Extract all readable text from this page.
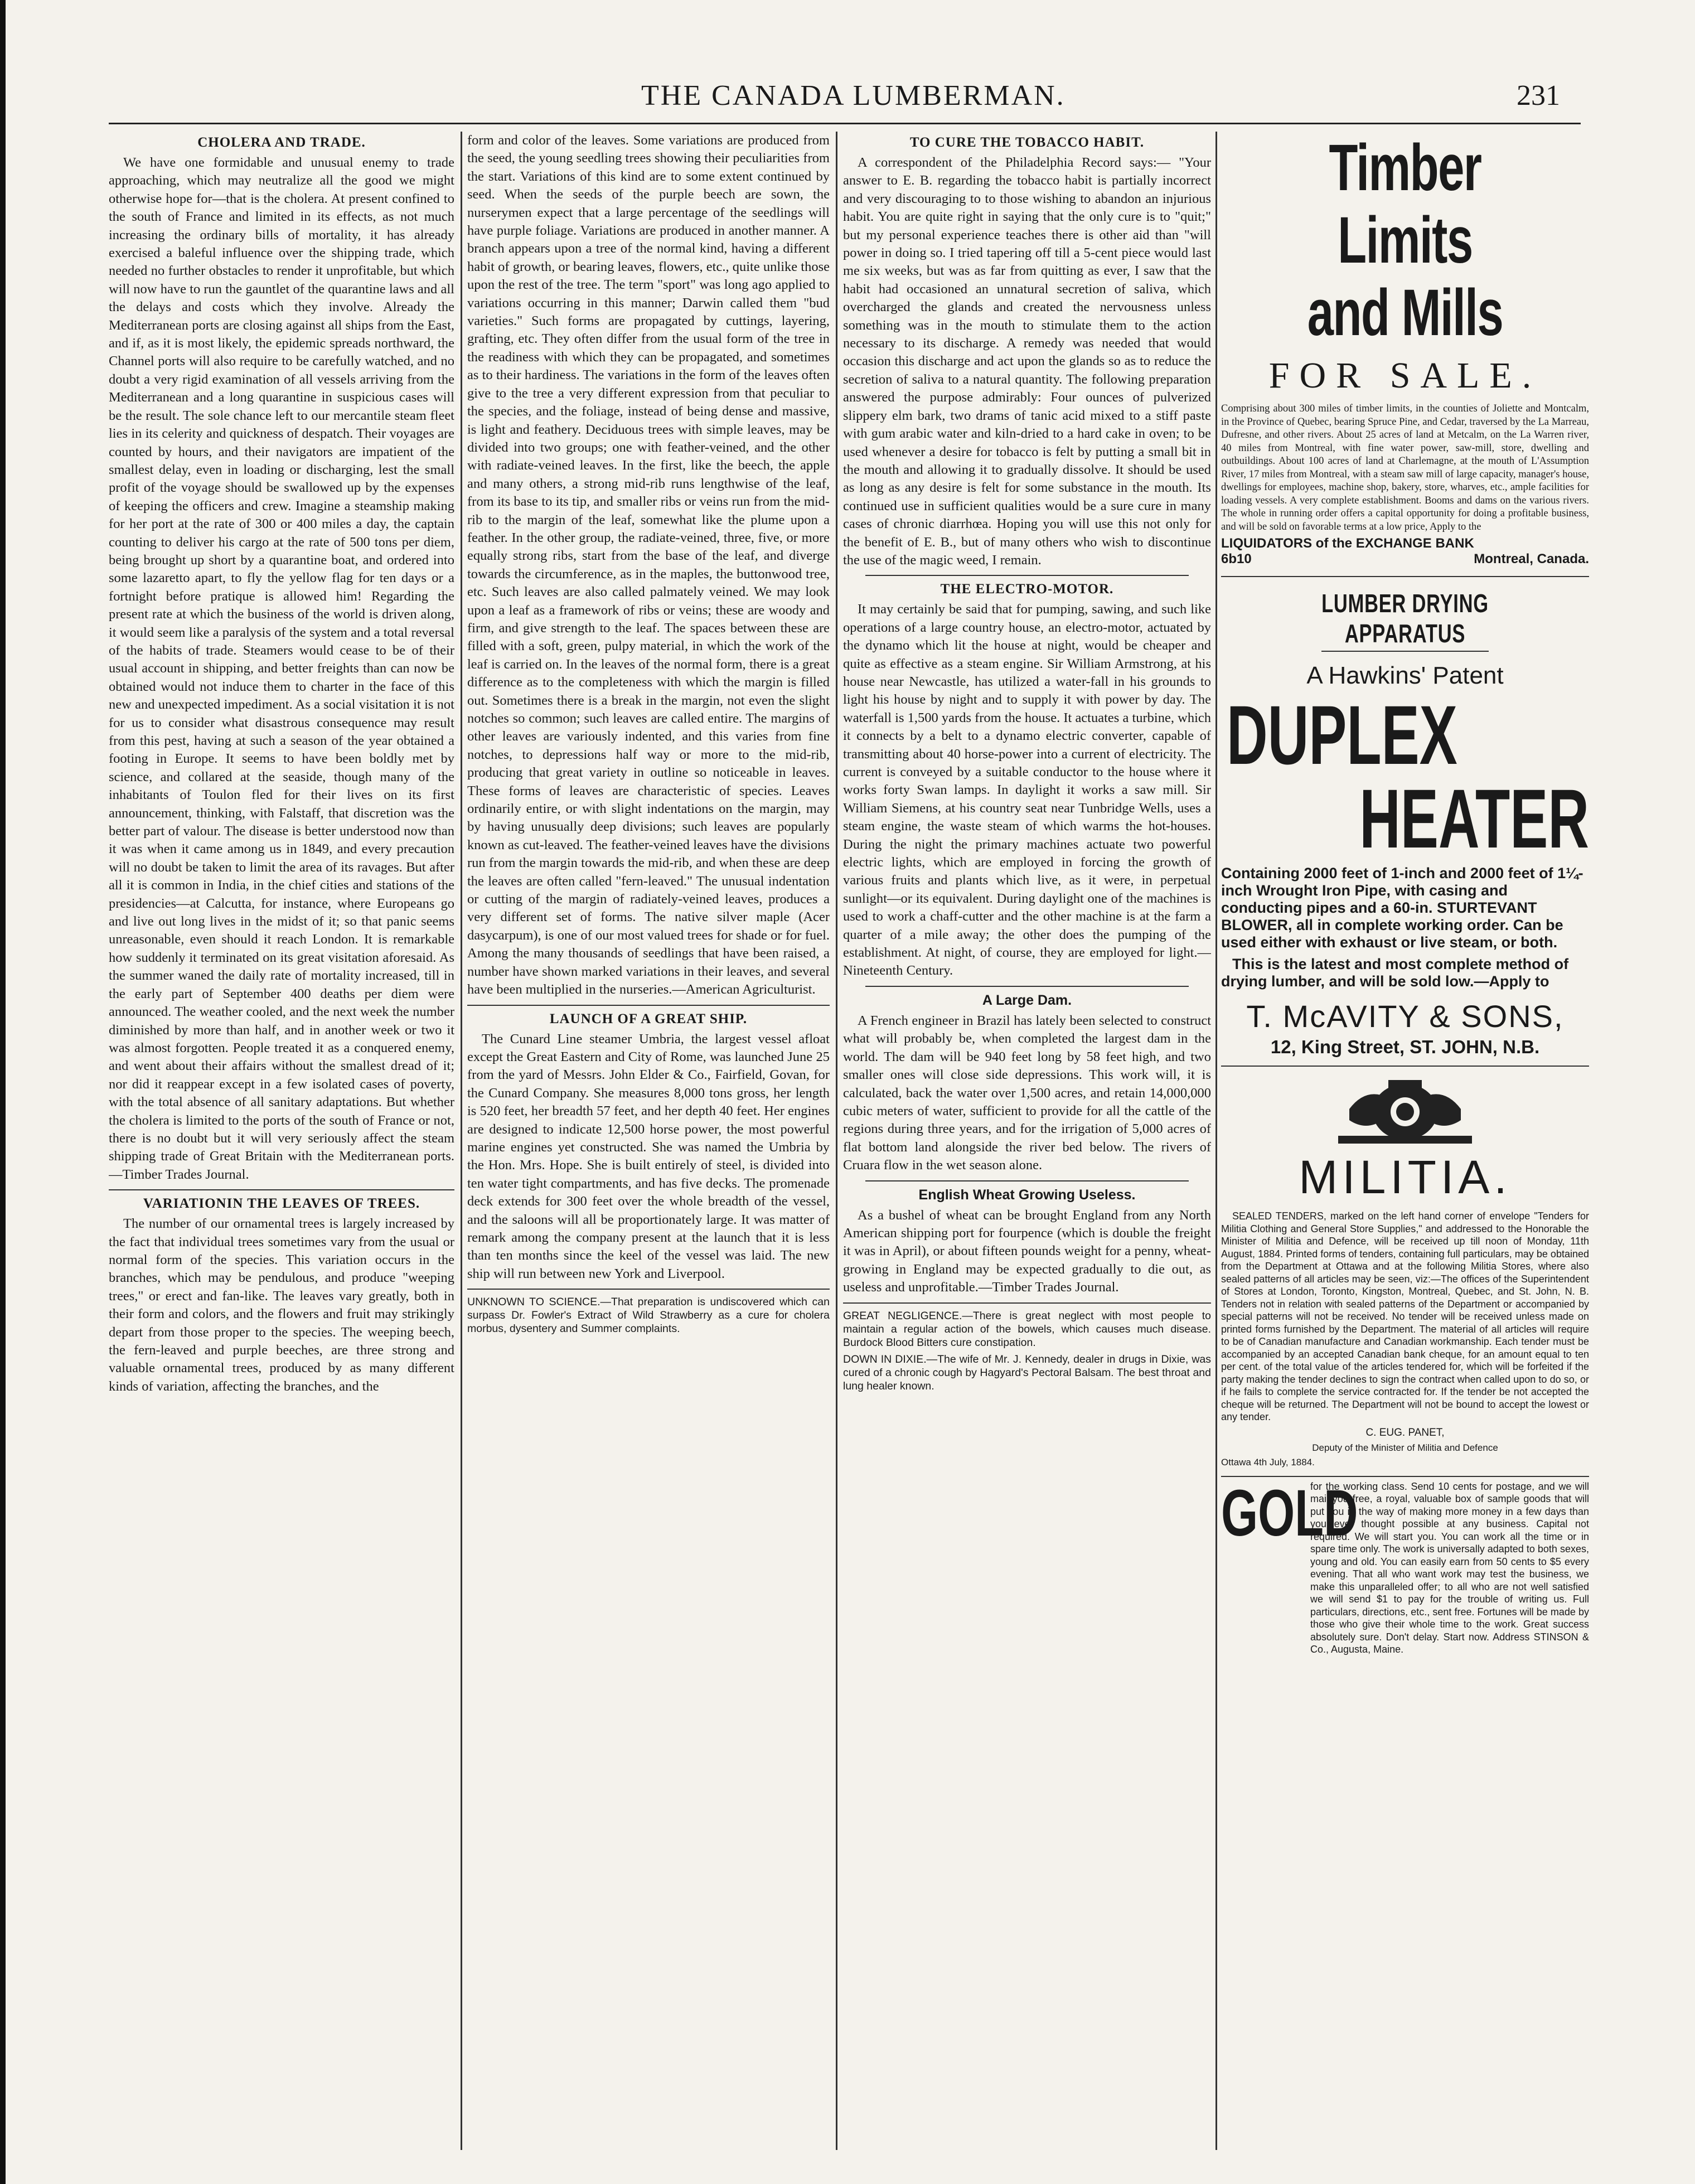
THE CANADA LUMBERMAN.	231
CHOLERA AND TRADE.

We have one formidable and unusual enemy to trade approaching, which may neutralize all the good we might otherwise hope for—that is the cholera. At present confined to the south of France and limited in its effects, as not much increasing the ordinary bills of mortality, it has already exercised a baleful influence over the shipping trade, which needed no further obstacles to render it unprofitable, but which will now have to run the gauntlet of the quarantine laws and all the delays and costs which they involve. Already the Mediterranean ports are closing against all ships from the East, and if, as it is most likely, the epidemic spreads northward, the Channel ports will also require to be carefully watched, and no doubt a very rigid examination of all vessels arriving from the Mediterranean and a long quarantine in suspicious cases will be the result. The sole chance left to our mercantile steam fleet lies in its celerity and quickness of despatch. Their voyages are counted by hours, and their navigators are impatient of the smallest delay, even in loading or discharging, lest the small profit of the voyage should be swallowed up by the expenses of keeping the officers and crew. Imagine a steamship making for her port at the rate of 300 or 400 miles a day, the captain counting to deliver his cargo at the rate of 500 tons per diem, being brought up short by a quarantine boat, and ordered into some lazaretto apart, to fly the yellow flag for ten days or a fortnight before pratique is allowed him! Regarding the present rate at which the business of the world is driven along, it would seem like a paralysis of the system and a total reversal of the habits of trade. Steamers would cease to be of their usual account in shipping, and better freights than can now be obtained would not induce them to charter in the face of this new and unexpected impediment. As a social visitation it is not for us to consider what disastrous consequence may result from this pest, having at such a season of the year obtained a footing in Europe. It seems to have been boldly met by science, and collared at the seaside, though many of the inhabitants of Toulon fled for their lives on its first announcement, thinking, with Falstaff, that discretion was the better part of valour. The disease is better understood now than it was when it came among us in 1849, and every precaution will no doubt be taken to limit the area of its ravages. But after all it is common in India, in the chief cities and stations of the presidencies—at Calcutta, for instance, where Europeans go and live out long lives in the midst of it; so that panic seems unreasonable, even should it reach London. It is remarkable how suddenly it terminated on its great visitation aforesaid. As the summer waned the daily rate of mortality increased, till in the early part of September 400 deaths per diem were announced. The weather cooled, and the next week the number diminished by more than half, and in another week or two it was almost forgotten. People treated it as a conquered enemy, and went about their affairs without the smallest dread of it; nor did it reappear except in a few isolated cases of poverty, with the total absence of all sanitary adaptations. But whether the cholera is limited to the ports of the south of France or not, there is no doubt but it will very seriously affect the steam shipping trade of Great Britain with the Mediterranean ports.—Timber Trades Journal.

VARIATIONIN THE LEAVES OF TREES.

The number of our ornamental trees is largely increased by the fact that individual trees sometimes vary from the usual or normal form of the species. This variation occurs in the branches, which may be pendulous, and produce "weeping trees," or erect and fan-like. The leaves vary greatly, both in their form and colors, and the flowers and fruit may strikingly depart from those proper to the species. The weeping beech, the fern-leaved and purple beeches, are three strong and valuable ornamental trees, produced by as many different kinds of variation, affecting the branches, and the

form and color of the leaves. Some variations are produced from the seed, the young seedling trees showing their peculiarities from the start. Variations of this kind are to some extent continued by seed. When the seeds of the purple beech are sown, the nurserymen expect that a large percentage of the seedlings will have purple foliage. Variations are produced in another manner. A branch appears upon a tree of the normal kind, having a different habit of growth, or bearing leaves, flowers, etc., quite unlike those upon the rest of the tree. The term "sport" was long ago applied to variations occurring in this manner; Darwin called them "bud varieties." Such forms are propagated by cuttings, layering, grafting, etc. They often differ from the usual form of the tree in the readiness with which they can be propagated, and sometimes as to their hardiness. The variations in the form of the leaves often give to the tree a very different expression from that peculiar to the species, and the foliage, instead of being dense and massive, is light and feathery. Deciduous trees with simple leaves, may be divided into two groups; one with feather-veined, and the other with radiate-veined leaves. In the first, like the beech, the apple and many others, a strong mid-rib runs lengthwise of the leaf, from its base to its tip, and smaller ribs or veins run from the mid-rib to the margin of the leaf, somewhat like the plume upon a feather. In the other group, the radiate-veined, three, five, or more equally strong ribs, start from the base of the leaf, and diverge towards the circumference, as in the maples, the buttonwood tree, etc. Such leaves are also called palmately veined. We may look upon a leaf as a framework of ribs or veins; these are woody and firm, and give strength to the leaf. The spaces between these are filled with a soft, green, pulpy material, in which the work of the leaf is carried on. In the leaves of the normal form, there is a great difference as to the completeness with which the margin is filled out. Sometimes there is a break in the margin, not even the slight notches so common; such leaves are called entire. The margins of other leaves are variously indented, and this varies from fine notches, to depressions half way or more to the mid-rib, producing that great variety in outline so noticeable in leaves. These forms of leaves are characteristic of species. Leaves ordinarily entire, or with slight indentations on the margin, may by having unusually deep divisions; such leaves are popularly known as cut-leaved. The feather-veined leaves have the divisions run from the margin towards the mid-rib, and when these are deep the leaves are often called "fern-leaved." The unusual indentation or cutting of the margin of radiately-veined leaves, produces a very different set of forms. The native silver maple (Acer dasycarpum), is one of our most valued trees for shade or for fuel. Among the many thousands of seedlings that have been raised, a number have shown marked variations in their leaves, and several have been multiplied in the nurseries.—American Agriculturist.

LAUNCH OF A GREAT SHIP.

The Cunard Line steamer Umbria, the largest vessel afloat except the Great Eastern and City of Rome, was launched June 25 from the yard of Messrs. John Elder & Co., Fairfield, Govan, for the Cunard Company. She measures 8,000 tons gross, her length is 520 feet, her breadth 57 feet, and her depth 40 feet. Her engines are designed to indicate 12,500 horse power, the most powerful marine engines yet constructed. She was named the Umbria by the Hon. Mrs. Hope. She is built entirely of steel, is divided into ten water tight compartments, and has five decks. The promenade deck extends for 300 feet over the whole breadth of the vessel, and the saloons will all be proportionately large. It was matter of remark among the company present at the launch that it is less than ten months since the keel of the vessel was laid. The new ship will run between new York and Liverpool.

UNKNOWN TO SCIENCE.—That preparation is undiscovered which can surpass Dr. Fowler's Extract of Wild Strawberry as a cure for cholera morbus, dysentery and Summer complaints.

TO CURE THE TOBACCO HABIT.

A correspondent of the Philadelphia Record says:— "Your answer to E. B. regarding the tobacco habit is partially incorrect and very discouraging to to those wishing to abandon an injurious habit. You are quite right in saying that the only cure is to "quit;" but my personal experience teaches there is other aid than "will power in doing so. I tried tapering off till a 5-cent piece would last me six weeks, but was as far from quitting as ever, I saw that the habit had occasioned an unnatural secretion of saliva, which overcharged the glands and created the nervousness unless something was in the mouth to stimulate them to the action necessary to its discharge. A remedy was needed that would occasion this discharge and act upon the glands so as to reduce the secretion of saliva to a natural quantity. The following preparation answered the purpose admirably: Four ounces of pulverized slippery elm bark, two drams of tanic acid mixed to a stiff paste with gum arabic water and kiln-dried to a hard cake in oven; to be used whenever a desire for tobacco is felt by putting a small bit in the mouth and allowing it to gradually dissolve. It should be used as long as any desire is felt for some substance in the mouth. Its continued use in sufficient qualities would be a sure cure in many cases of chronic diarrhœa. Hoping you will use this not only for the benefit of E. B., but of many others who wish to discontinue the use of the magic weed, I remain.

THE ELECTRO-MOTOR.

It may certainly be said that for pumping, sawing, and such like operations of a large country house, an electro-motor, actuated by the dynamo which lit the house at night, would be cheaper and quite as effective as a steam engine. Sir William Armstrong, at his house near Newcastle, has utilized a water-fall in his grounds to light his house by night and to supply it with power by day. The waterfall is 1,500 yards from the house. It actuates a turbine, which it connects by a belt to a dynamo electric converter, capable of transmitting about 40 horse-power into a current of electricity. The current is conveyed by a suitable conductor to the house where it works forty Swan lamps. In daylight it works a saw mill. Sir William Siemens, at his country seat near Tunbridge Wells, uses a steam engine, the waste steam of which warms the hot-houses. During the night the primary machines actuate two powerful electric lights, which are employed in forcing the growth of various fruits and plants which live, as it were, in perpetual sunlight—or its equivalent. During daylight one of the machines is used to work a chaff-cutter and the other machine is at the farm a quarter of a mile away; the other does the pumping of the establishment. At night, of course, they are employed for light.—Nineteenth Century.

A Large Dam.

A French engineer in Brazil has lately been selected to construct what will probably be, when completed the largest dam in the world. The dam will be 940 feet long by 58 feet high, and two smaller ones will close side depressions. This work will, it is calculated, back the water over 1,500 acres, and retain 14,000,000 cubic meters of water, sufficient to provide for all the cattle of the regions during three years, and for the irrigation of 5,000 acres of flat bottom land alongside the river bed below. The rivers of Cruara flow in the wet season alone.

English Wheat Growing Useless.

As a bushel of wheat can be brought England from any North American shipping port for fourpence (which is double the freight it was in April), or about fifteen pounds weight for a penny, wheat-growing in England may be expected gradually to die out, as useless and unprofitable.—Timber Trades Journal.

GREAT NEGLIGENCE.—There is great neglect with most people to maintain a regular action of the bowels, which causes much disease. Burdock Blood Bitters cure constipation.

DOWN IN DIXIE.—The wife of Mr. J. Kennedy, dealer in drugs in Dixie, was cured of a chronic cough by Hagyard's Pectoral Balsam. The best throat and lung healer known.

Timber Limits
and Mills
FOR SALE.

Comprising about 300 miles of timber limits, in the counties of Joliette and Montcalm, in the Province of Quebec, bearing Spruce Pine, and Cedar, traversed by the La Marreau, Dufresne, and other rivers. About 25 acres of land at Metcalm, on the La Warren river, 40 miles from Montreal, with fine water power, saw-mill, store, dwelling and outbuildings. About 100 acres of land at Charlemagne, at the mouth of L'Assumption River, 17 miles from Montreal, with a steam saw mill of large capacity, manager's house, dwellings for employees, machine shop, bakery, store, wharves, etc., ample facilities for loading vessels. A very complete establishment. Booms and dams on the various rivers. The whole in running order offers a capital opportunity for doing a profitable business, and will be sold on favorable terms at a low price, Apply to the

LIQUIDATORS of the EXCHANGE BANK
6b10	Montreal, Canada.
LUMBER DRYING APPARATUS
A Hawkins' Patent
DUPLEX
HEATER
Containing 2000 feet of 1-inch and 2000 feet of 1¼-inch Wrought Iron Pipe, with casing and conducting pipes and a 60-in. STURTEVANT BLOWER, all in complete working order. Can be used either with exhaust or live steam, or both.
This is the latest and most complete method of drying lumber, and will be sold low.—Apply to
T. McAVITY & SONS,
12, King Street, ST. JOHN, N.B.
MILITIA.

SEALED TENDERS, marked on the left hand corner of envelope "Tenders for Militia Clothing and General Store Supplies," and addressed to the Honorable the Minister of Militia and Defence, will be received up till noon of Monday, 11th August, 1884. Printed forms of tenders, containing full particulars, may be obtained from the Department at Ottawa and at the following Militia Stores, where also sealed patterns of all articles may be seen, viz:—The offices of the Superintendent of Stores at London, Toronto, Kingston, Montreal, Quebec, and St. John, N. B. Tenders not in relation with sealed patterns of the Department or accompanied by special patterns will not be received. No tender will be received unless made on printed forms furnished by the Department. The material of all articles will require to be of Canadian manufacture and Canadian workmanship. Each tender must be accompanied by an accepted Canadian bank cheque, for an amount equal to ten per cent. of the total value of the articles tendered for, which will be forfeited if the party making the tender declines to sign the contract when called upon to do so, or if he fails to complete the service contracted for. If the tender be not accepted the cheque will be returned. The Department will not be bound to accept the lowest or any tender.

C. EUG. PANET,
Deputy of the Minister of Militia and Defence
Ottawa 4th July, 1884.
GOLD

for the working class. Send 10 cents for postage, and we will mail you free, a royal, valuable box of sample goods that will put you in the way of making more money in a few days than you ever thought possible at any business. Capital not required. We will start you. You can work all the time or in spare time only. The work is universally adapted to both sexes, young and old. You can easily earn from 50 cents to $5 every evening. That all who want work may test the business, we make this unparalleled offer; to all who are not well satisfied we will send $1 to pay for the trouble of writing us. Full particulars, directions, etc., sent free. Fortunes will be made by those who give their whole time to the work. Great success absolutely sure. Don't delay. Start now. Address STINSON & Co., Augusta, Maine.
